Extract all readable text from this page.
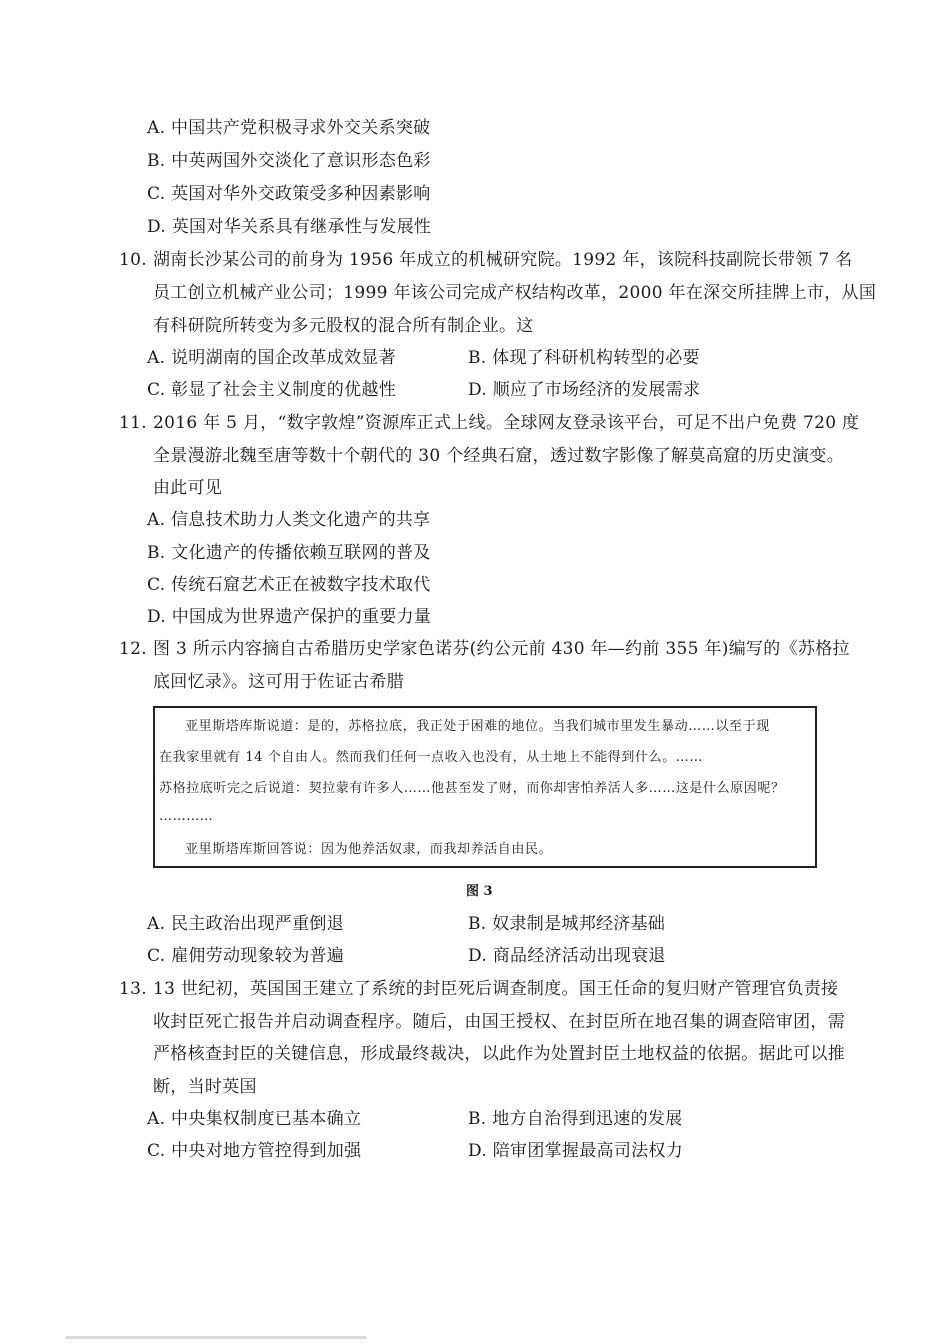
A. 中国共产党积极寻求外交关系突破
B. 中英两国外交淡化了意识形态色彩
C. 英国对华外交政策受多种因素影响
D. 英国对华关系具有继承性与发展性
10. 湖南长沙某公司的前身为 1956 年成立的机械研究院。1992 年，该院科技副院长带领 7 名
员工创立机械产业公司；1999 年该公司完成产权结构改革，2000 年在深交所挂牌上市，从国
有科研院所转变为多元股权的混合所有制企业。这
A. 说明湖南的国企改革成效显著	B. 体现了科研机构转型的必要
C. 彰显了社会主义制度的优越性	D. 顺应了市场经济的发展需求
11. 2016 年 5 月，“数字敦煌”资源库正式上线。全球网友登录该平台，可足不出户免费 720 度
全景漫游北魏至唐等数十个朝代的 30 个经典石窟，透过数字影像了解莫高窟的历史演变。
由此可见
A. 信息技术助力人类文化遗产的共享
B. 文化遗产的传播依赖互联网的普及
C. 传统石窟艺术正在被数字技术取代
D. 中国成为世界遗产保护的重要力量
12. 图 3 所示内容摘自古希腊历史学家色诺芬(约公元前 430 年—约前 355 年)编写的《苏格拉
底回忆录》。这可用于佐证古希腊
亚里斯塔库斯说道：是的，苏格拉底，我正处于困难的地位。当我们城市里发生暴动……以至于现
在我家里就有 14 个自由人。然而我们任何一点收入也没有，从土地上不能得到什么。……
苏格拉底听完之后说道：契拉蒙有许多人……他甚至发了财，而你却害怕养活人多……这是什么原因呢？
…………
亚里斯塔库斯回答说：因为他养活奴隶，而我却养活自由民。
图 3
A. 民主政治出现严重倒退	B. 奴隶制是城邦经济基础
C. 雇佣劳动现象较为普遍	D. 商品经济活动出现衰退
13. 13 世纪初，英国国王建立了系统的封臣死后调查制度。国王任命的复归财产管理官负责接
收封臣死亡报告并启动调查程序。随后，由国王授权、在封臣所在地召集的调查陪审团，需
严格核查封臣的关键信息，形成最终裁决，以此作为处置封臣土地权益的依据。据此可以推
断，当时英国
A. 中央集权制度已基本确立	B. 地方自治得到迅速的发展
C. 中央对地方管控得到加强	D. 陪审团掌握最高司法权力
